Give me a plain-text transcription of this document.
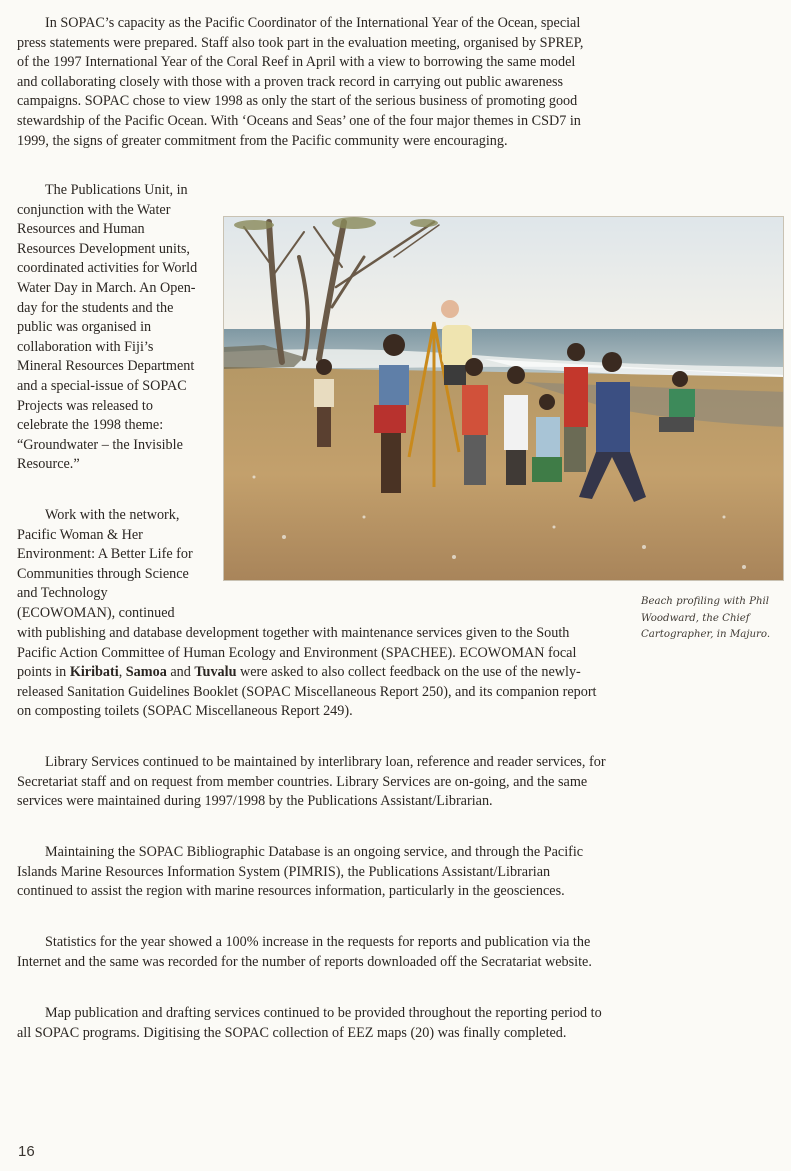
In SOPAC’s capacity as the Pacific Coordinator of the International Year of the Ocean, special press statements were prepared. Staff also took part in the evaluation meeting, organised by SPREP, of the 1997 International Year of the Coral Reef in April with a view to borrowing the same model and collaborating closely with those with a proven track record in carrying out public awareness campaigns. SOPAC chose to view 1998 as only the start of the serious business of promoting good stewardship of the Pacific Ocean. With ‘Oceans and Seas’ one of the four major themes in CSD7 in 1999, the signs of greater commitment from the Pacific community were encouraging.

The Publications Unit, in conjunction with the Water Resources and Human Resources Development units, coordinated activities for World Water Day in March. An Openday for the students and the public was organised in collaboration with Fiji’s Mineral Resources Department and a special-issue of SOPAC Projects was released to celebrate the 1998 theme: “Groundwater – the Invisible Resource.”

Work with the network, Pacific Woman & Her Environment: A Better Life for Communities through Science and Technology (ECOWOMAN), continued

with publishing and database development together with maintenance services given to the South Pacific Action Committee of Human Ecology and Environment (SPACHEE). ECOWOMAN focal points in Kiribati, Samoa and Tuvalu were asked to also collect feedback on the use of the newly-released Sanitation Guidelines Booklet (SOPAC Miscellaneous Report 250), and its companion report on composting toilets (SOPAC Miscellaneous Report 249).

Library Services continued to be maintained by interlibrary loan, reference and reader services, for Secretariat staff and on request from member countries. Library Services are on-going, and the same services were maintained during 1997/1998 by the Publications Assistant/Librarian.

Maintaining the SOPAC Bibliographic Database is an ongoing service, and through the Pacific Islands Marine Resources Information System (PIMRIS), the Publications Assistant/Librarian continued to assist the region with marine resources information, particularly in the geosciences.

Statistics for the year showed a 100% increase in the requests for reports and publication via the Internet and the same was recorded for the number of reports downloaded off the Secratariat website.

Map publication and drafting services continued to be provided throughout the reporting period to all SOPAC programs. Digitising the SOPAC collection of EEZ maps (20) was finally completed.

Beach profiling with Phil Woodward, the Chief Cartographer, in Majuro.
16
